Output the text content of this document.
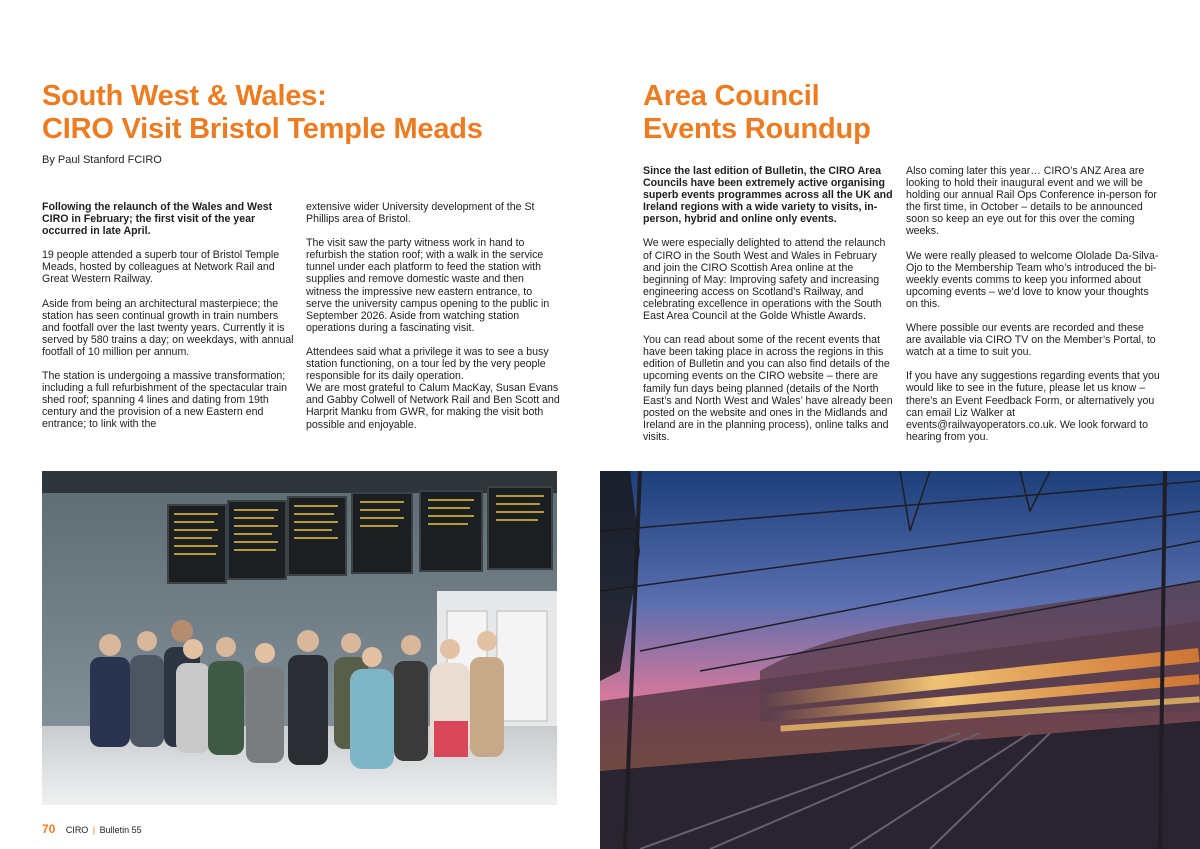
South West & Wales:
CIRO Visit Bristol Temple Meads
By Paul Stanford FCIRO

Following the relaunch of the Wales and West CIRO in February; the first visit of the year occurred in late April.

19 people attended a superb tour of Bristol Temple Meads, hosted by colleagues at Network Rail and Great Western Railway.

Aside from being an architectural masterpiece; the station has seen continual growth in train numbers and footfall over the last twenty years. Currently it is served by 580 trains a day; on weekdays, with annual footfall of 10 million per annum.

The station is undergoing a massive transformation; including a full refurbishment of the spectacular train shed roof; spanning 4 lines and dating from 19th century and the provision of a new Eastern end entrance; to link with the

extensive wider University development of the St Phillips area of Bristol.

The visit saw the party witness work in hand to refurbish the station roof; with a walk in the service tunnel under each platform to feed the station with supplies and remove domestic waste and then witness the impressive new eastern entrance, to serve the university campus opening to the public in September 2026. Aside from watching station operations during a fascinating visit.

Attendees said what a privilege it was to see a busy station functioning, on a tour led by the very people responsible for its daily operation.

We are most grateful to Calum MacKay, Susan Evans and Gabby Colwell of Network Rail and Ben Scott and Harprit Manku from GWR, for making the visit both possible and enjoyable.

70 CIRO | Bulletin 55
Area Council
Events Roundup

Since the last edition of Bulletin, the CIRO Area Councils have been extremely active organising superb events programmes across all the UK and Ireland regions with a wide variety to visits, in-person, hybrid and online only events.

We were especially delighted to attend the relaunch of CIRO in the South West and Wales in February and join the CIRO Scottish Area online at the beginning of May: Improving safety and increasing engineering access on Scotland’s Railway, and celebrating excellence in operations with the South East Area Council at the Golde Whistle Awards.

You can read about some of the recent events that have been taking place in across the regions in this edition of Bulletin and you can also find details of the upcoming events on the CIRO website – there are family fun days being planned (details of the North East’s and North West and Wales’ have already been posted on the website and ones in the Midlands and Ireland are in the planning process), online talks and visits.

Also coming later this year… CIRO’s ANZ Area are looking to hold their inaugural event and we will be holding our annual Rail Ops Conference in-person for the first time, in October – details to be announced soon so keep an eye out for this over the coming weeks.

We were really pleased to welcome Ololade Da-Silva-Ojo to the Membership Team who’s introduced the bi-weekly events comms to keep you informed about upcoming events – we’d love to know your thoughts on this.

Where possible our events are recorded and these are available via CIRO TV on the Member’s Portal, to watch at a time to suit you.

If you have any suggestions regarding events that you would like to see in the future, please let us know – there’s an Event Feedback Form, or alternatively you can email Liz Walker at events@railwayoperators.co.uk. We look forward to hearing from you.
